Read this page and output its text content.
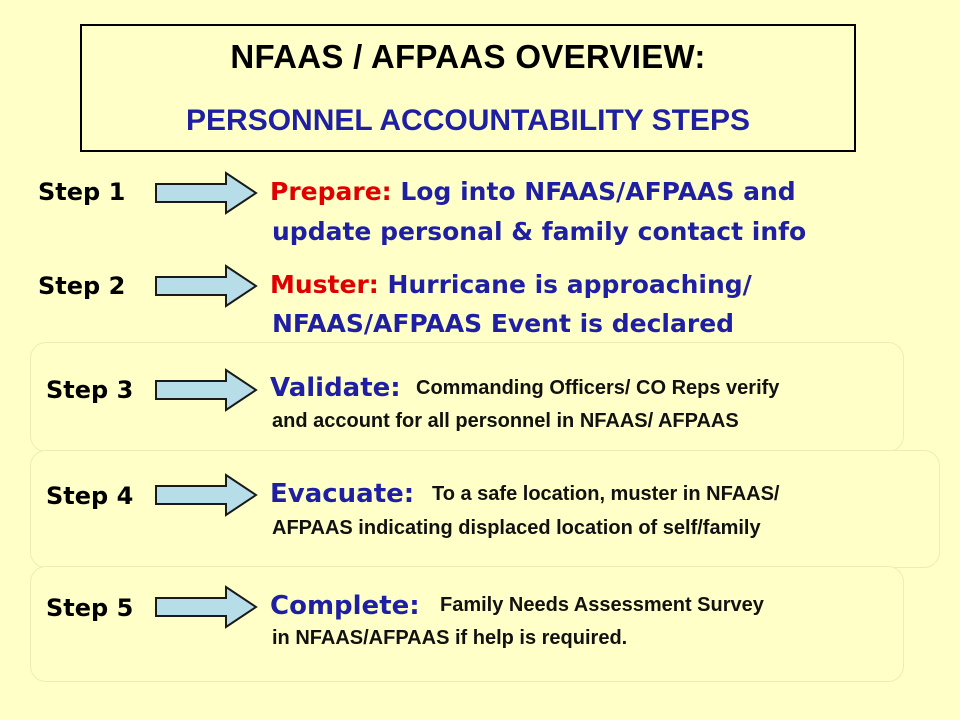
NFAAS / AFPAAS OVERVIEW:
PERSONNEL ACCOUNTABILITY STEPS
Step 1	Prepare: Log into NFAAS/AFPAAS and
update personal & family contact info
Step 2	Muster: Hurricane is approaching/
NFAAS/AFPAAS Event is declared
Step 3	Validate: Commanding Officers/ CO Reps verify
and account for all personnel in NFAAS/ AFPAAS
Step 4	Evacuate: To a safe location, muster in NFAAS/
AFPAAS indicating displaced location of self/family
Step 5	Complete: Family Needs Assessment Survey
in NFAAS/AFPAAS if help is required.
